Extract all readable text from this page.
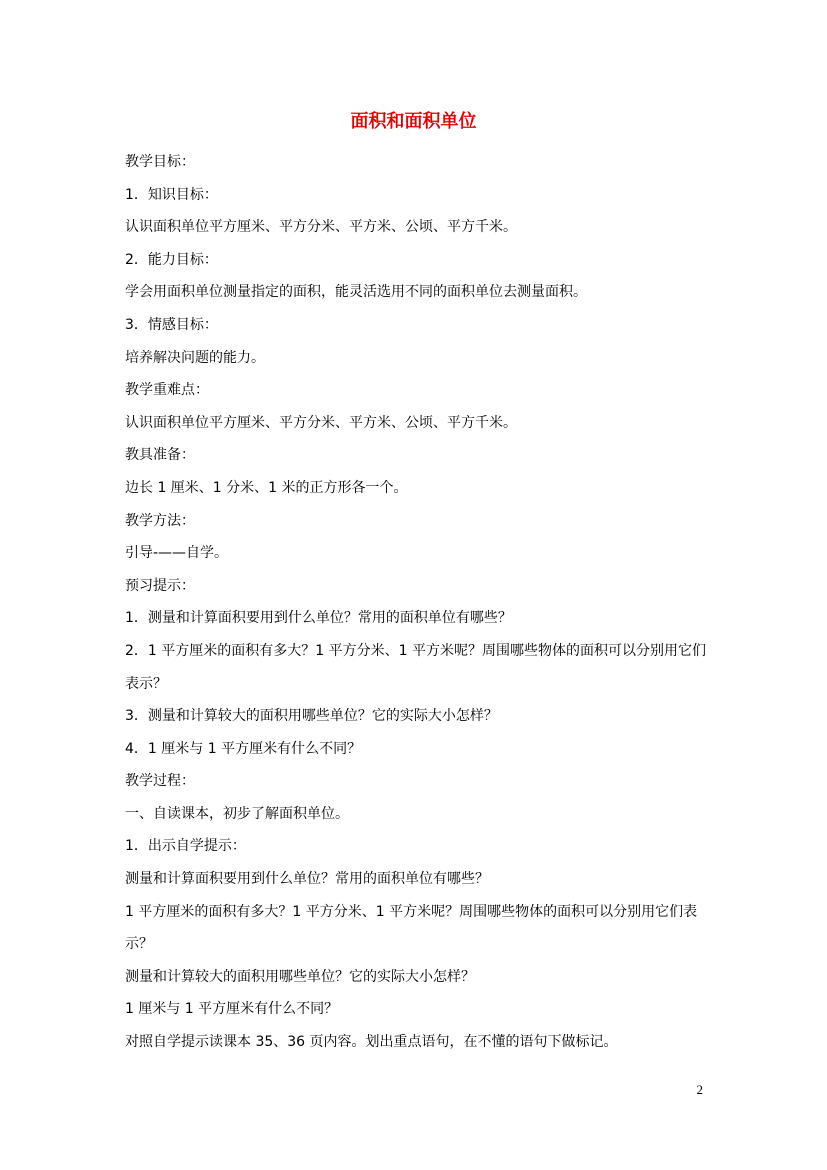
面积和面积单位
教学目标：
1．知识目标：
认识面积单位平方厘米、平方分米、平方米、公顷、平方千米。
2．能力目标：
学会用面积单位测量指定的面积，能灵活选用不同的面积单位去测量面积。
3．情感目标：
培养解决问题的能力。
教学重难点：
认识面积单位平方厘米、平方分米、平方米、公顷、平方千米。
教具准备：
边长 1 厘米、1 分米、1 米的正方形各一个。
教学方法：
引导-——自学。
预习提示：
1．测量和计算面积要用到什么单位？常用的面积单位有哪些？
2．1 平方厘米的面积有多大？1 平方分米、1 平方米呢？周围哪些物体的面积可以分别用它们表示？
3．测量和计算较大的面积用哪些单位？它的实际大小怎样？
4．1 厘米与 1 平方厘米有什么不同？
教学过程：
一、自读课本，初步了解面积单位。
1．出示自学提示：
测量和计算面积要用到什么单位？常用的面积单位有哪些？
1 平方厘米的面积有多大？1 平方分米、1 平方米呢？周围哪些物体的面积可以分别用它们表示？
测量和计算较大的面积用哪些单位？它的实际大小怎样？
1 厘米与 1 平方厘米有什么不同？
对照自学提示读课本 35、36 页内容。划出重点语句，在不懂的语句下做标记。
2
